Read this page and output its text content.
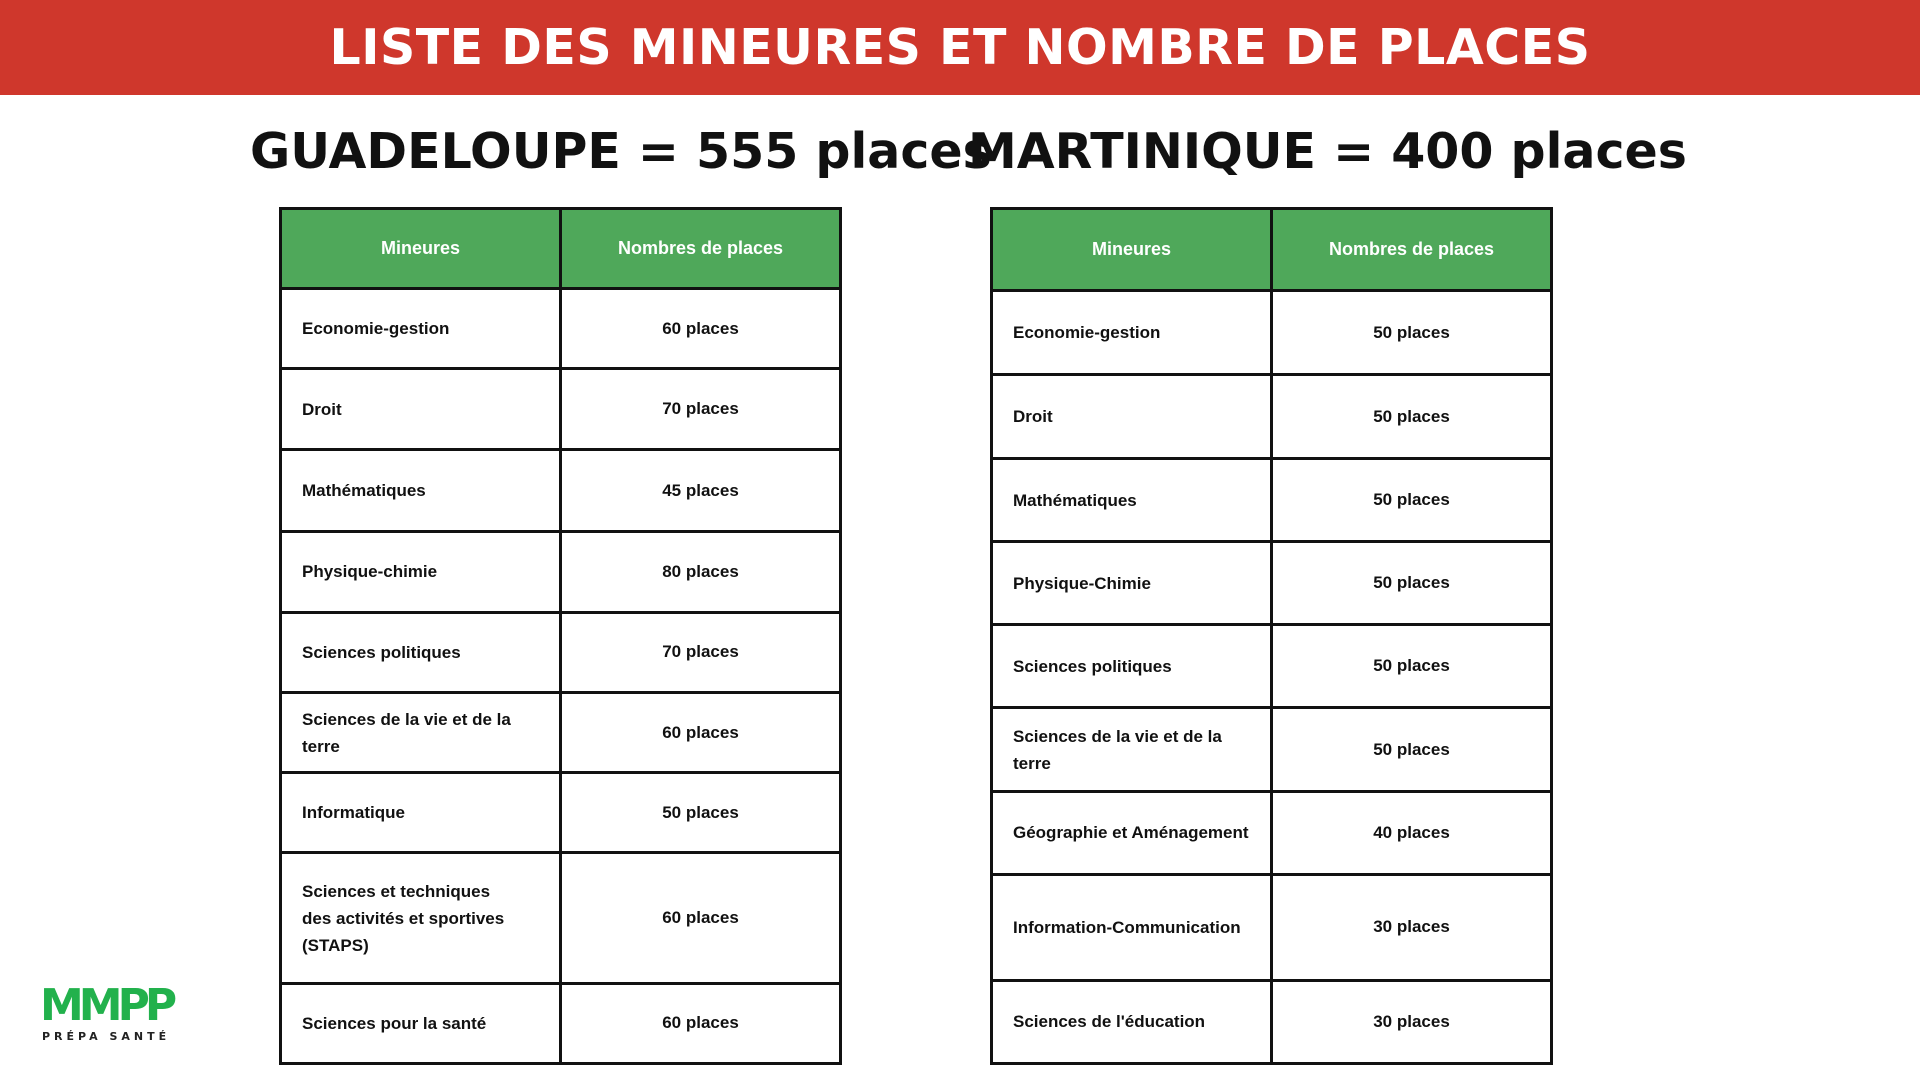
LISTE DES MINEURES ET NOMBRE DE PLACES
GUADELOUPE = 555 places
MARTINIQUE = 400 places
Mineures	Nombres de places
Economie-gestion	60 places
Droit	70 places
Mathématiques	45 places
Physique-chimie	80 places
Sciences politiques	70 places
Sciences de la vie et de la terre	60 places
Informatique	50 places
Sciences et techniques
des activités et sportives
(STAPS)	60 places
Sciences pour la santé	60 places
Mineures	Nombres de places
Economie-gestion	50 places
Droit	50 places
Mathématiques	50 places
Physique-Chimie	50 places
Sciences politiques	50 places
Sciences de la vie et de la terre	50 places
Géographie et Aménagement	40 places
Information-Communication	30 places
Sciences de l'éducation	30 places
MMPP
PRÉPA SANTÉ
